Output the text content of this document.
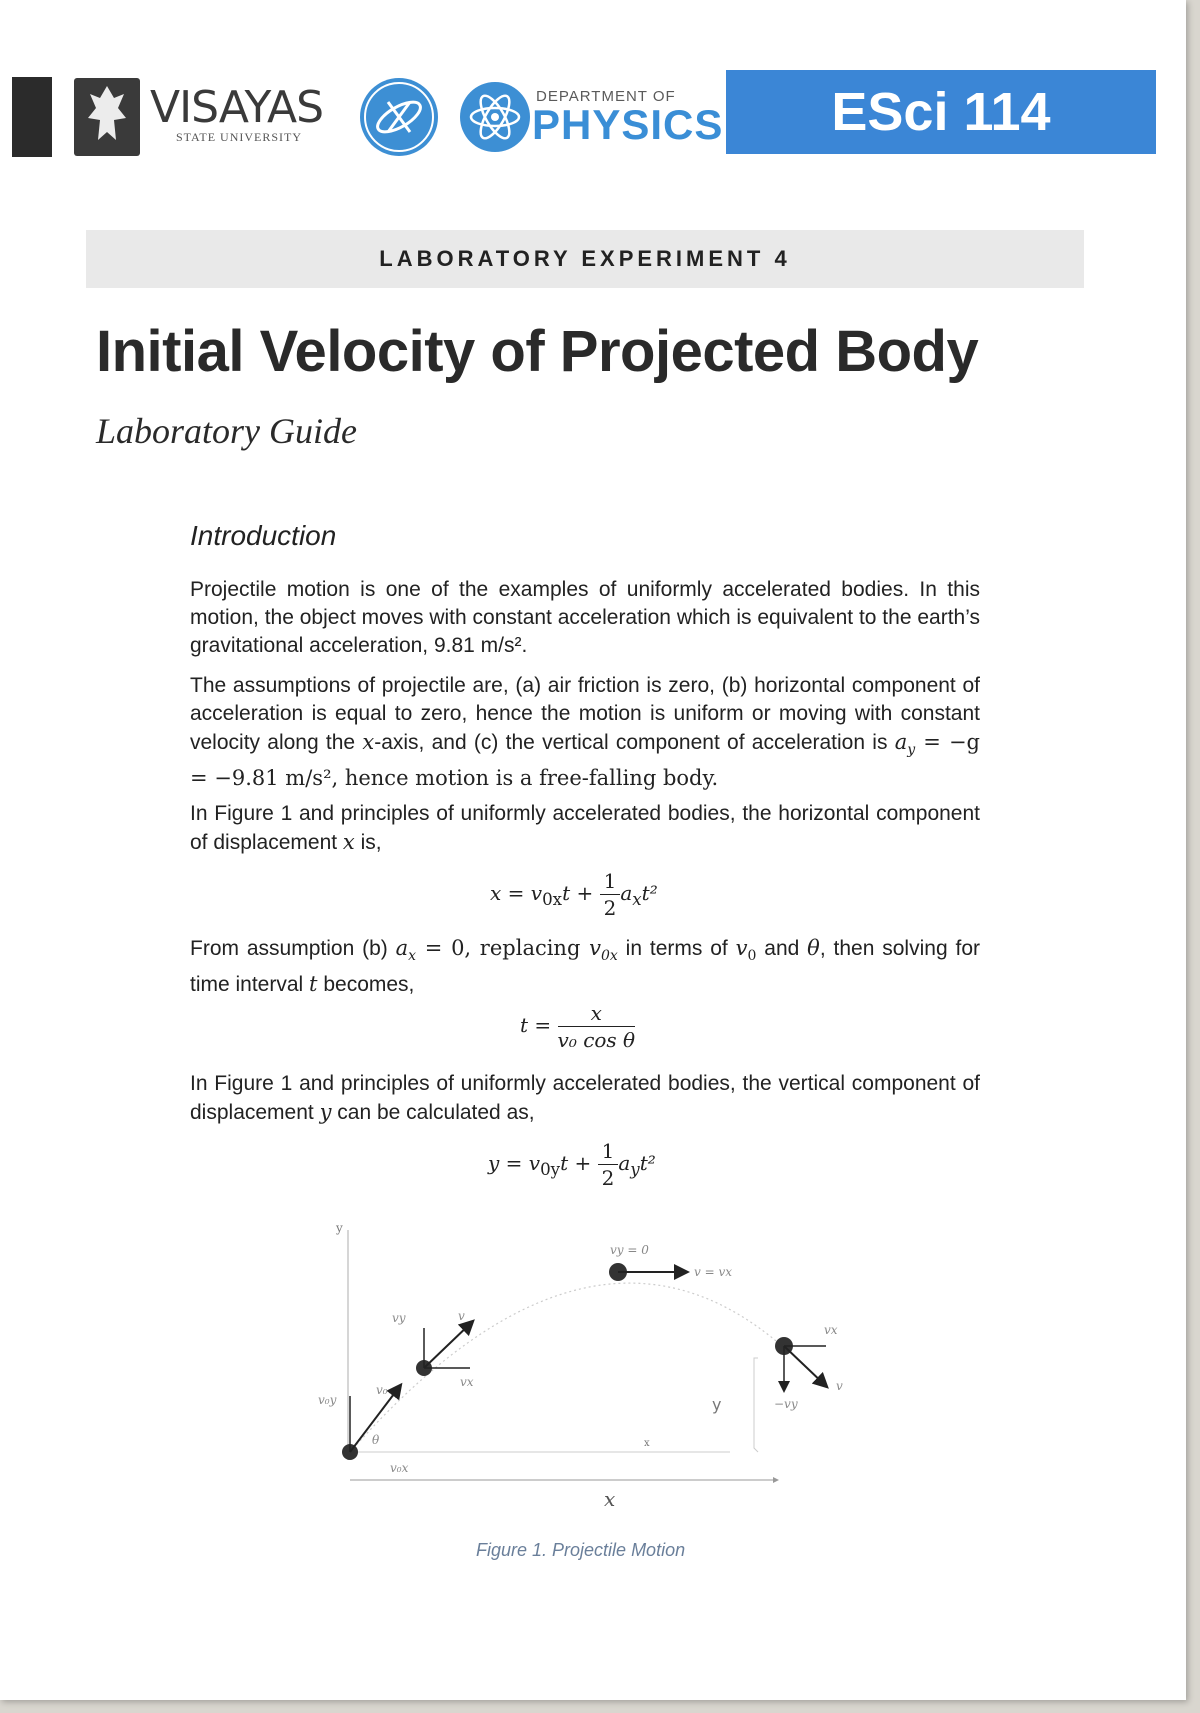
VISAYAS
STATE UNIVERSITY
DEPARTMENT OF
PHYSICS	ESci 114
LABORATORY EXPERIMENT 4
Initial Velocity of Projected Body
Laboratory Guide
Introduction
Projectile motion is one of the examples of uniformly accelerated bodies. In this motion, the object moves with constant acceleration which is equivalent to the earth’s gravitational acceleration, 9.81 m/s².
The assumptions of projectile are, (a) air friction is zero, (b) horizontal component of acceleration is equal to zero, hence the motion is uniform or moving with constant velocity along the x-axis, and (c) the vertical component of acceleration is $a_y = -g = -9.81$ m/s², hence motion is a free-falling body.
In Figure 1 and principles of uniformly accelerated bodies, the horizontal component of displacement x is,
$x = v_{0x}t + \frac{1}{2} a_xt^2$
From assumption (b) $a_x = 0$, replacing $v_{0x}$ in terms of $v_0$ and θ, then solving for time interval t becomes,
$t = \frac{x}{\text{v₀ cos θ}}$
In Figure 1 and principles of uniformly accelerated bodies, the vertical component of displacement y can be calculated as,
$y = v_{0y}t + \frac{1}{2} a_yt^2$
y
v₀y
v₀
θ
v₀x
vy	v
vx
vy = 0
v = vx
vx
v
−vy
y
x
x
Figure 1. Projectile Motion
